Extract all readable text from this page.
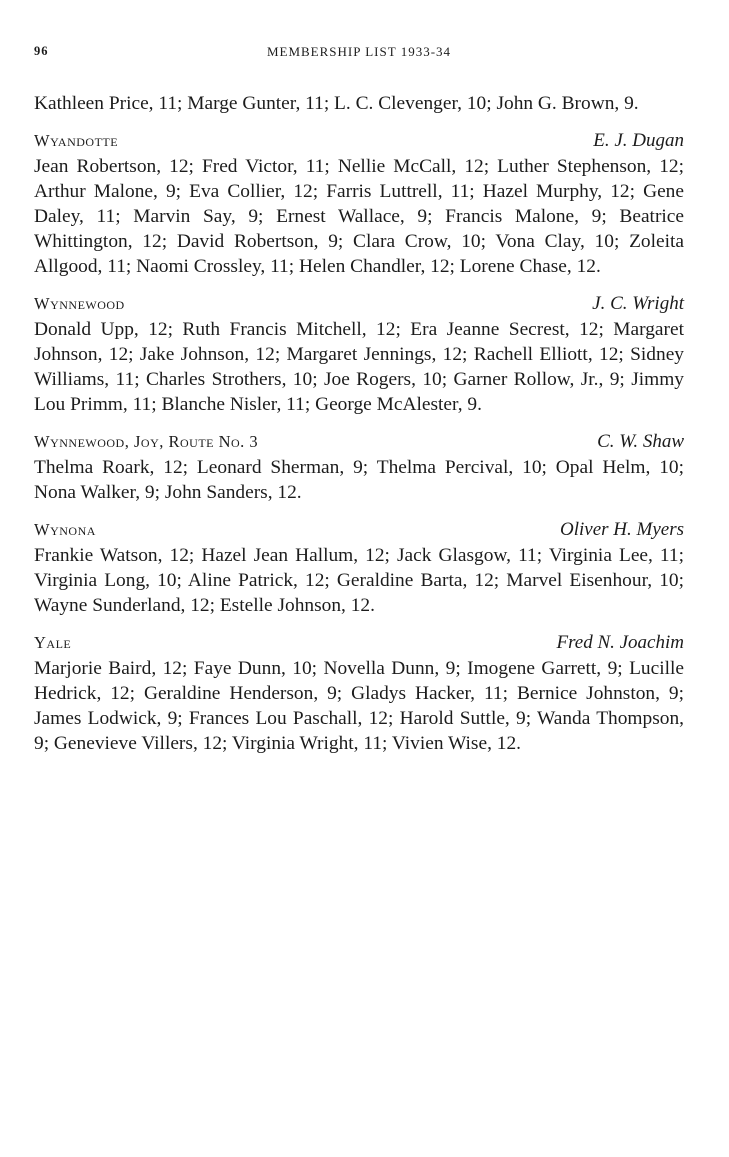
96	MEMBERSHIP LIST 1933-34

Kathleen Price, 11; Marge Gunter, 11; L. C. Clevenger, 10; John G. Brown, 9.

Wyandotte	E. J. Dugan

Jean Robertson, 12; Fred Victor, 11; Nellie McCall, 12; Luther Stephenson, 12; Arthur Malone, 9; Eva Collier, 12; Farris Luttrell, 11; Hazel Murphy, 12; Gene Daley, 11; Marvin Say, 9; Ernest Wallace, 9; Francis Malone, 9; Beatrice Whittington, 12; David Robertson, 9; Clara Crow, 10; Vona Clay, 10; Zoleita Allgood, 11; Naomi Crossley, 11; Helen Chandler, 12; Lorene Chase, 12.

Wynnewood	J. C. Wright

Donald Upp, 12; Ruth Francis Mitchell, 12; Era Jeanne Secrest, 12; Margaret Johnson, 12; Jake Johnson, 12; Margaret Jennings, 12; Rachell Elliott, 12; Sidney Williams, 11; Charles Strothers, 10; Joe Rogers, 10; Garner Rollow, Jr., 9; Jimmy Lou Primm, 11; Blanche Nisler, 11; George McAlester, 9.

Wynnewood, Joy, Route No. 3	C. W. Shaw

Thelma Roark, 12; Leonard Sherman, 9; Thelma Percival, 10; Opal Helm, 10; Nona Walker, 9; John Sanders, 12.

Wynona	Oliver H. Myers

Frankie Watson, 12; Hazel Jean Hallum, 12; Jack Glasgow, 11; Virginia Lee, 11; Virginia Long, 10; Aline Patrick, 12; Geraldine Barta, 12; Marvel Eisenhour, 10; Wayne Sunderland, 12; Estelle Johnson, 12.

Yale	Fred N. Joachim

Marjorie Baird, 12; Faye Dunn, 10; Novella Dunn, 9; Imogene Garrett, 9; Lucille Hedrick, 12; Geraldine Henderson, 9; Gladys Hacker, 11; Bernice Johnston, 9; James Lodwick, 9; Frances Lou Paschall, 12; Harold Suttle, 9; Wanda Thompson, 9; Genevieve Villers, 12; Virginia Wright, 11; Vivien Wise, 12.
